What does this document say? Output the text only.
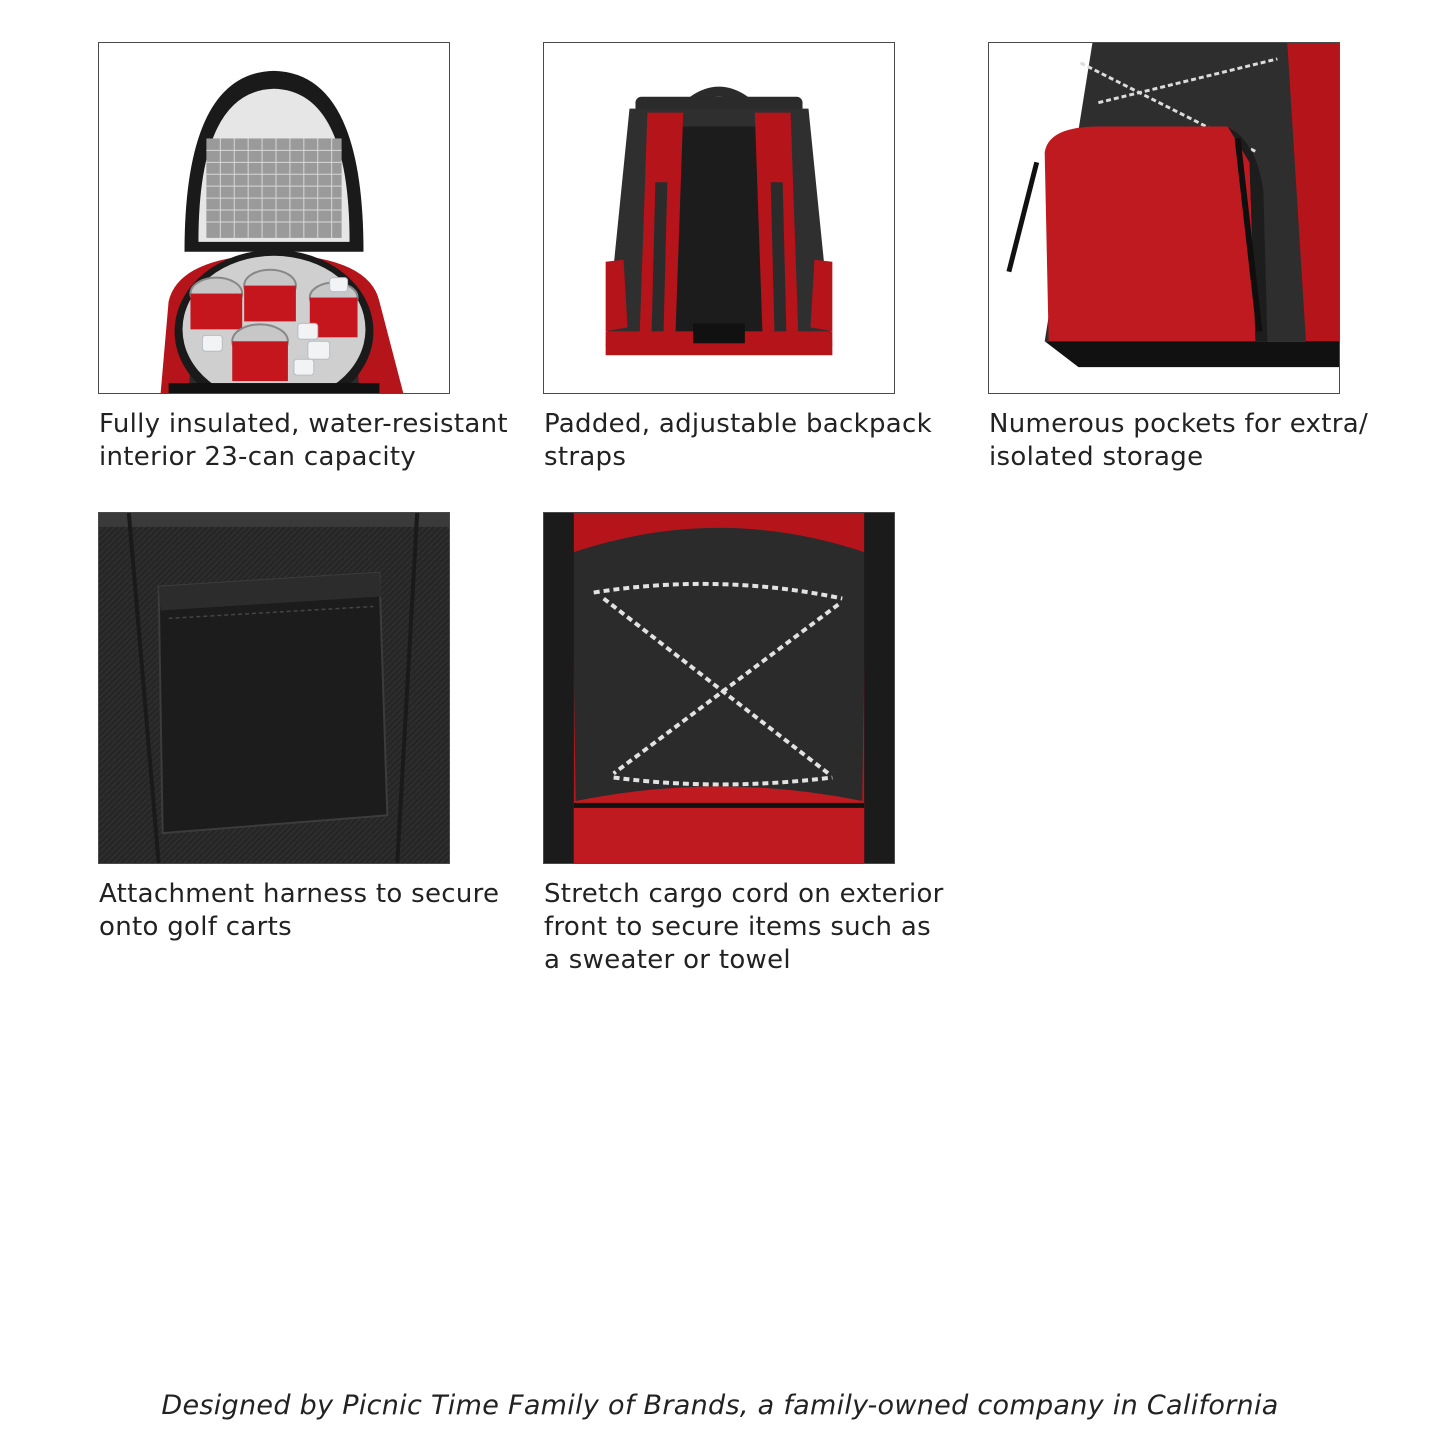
Fully insulated, water-resistant
interior 23-can capacity

Padded, adjustable backpack
straps

Numerous pockets for extra/
isolated storage

Attachment harness to secure
onto golf carts

Stretch cargo cord on exterior
front to secure items such as
a sweater or towel

Designed by Picnic Time Family of Brands, a family-owned company in California
